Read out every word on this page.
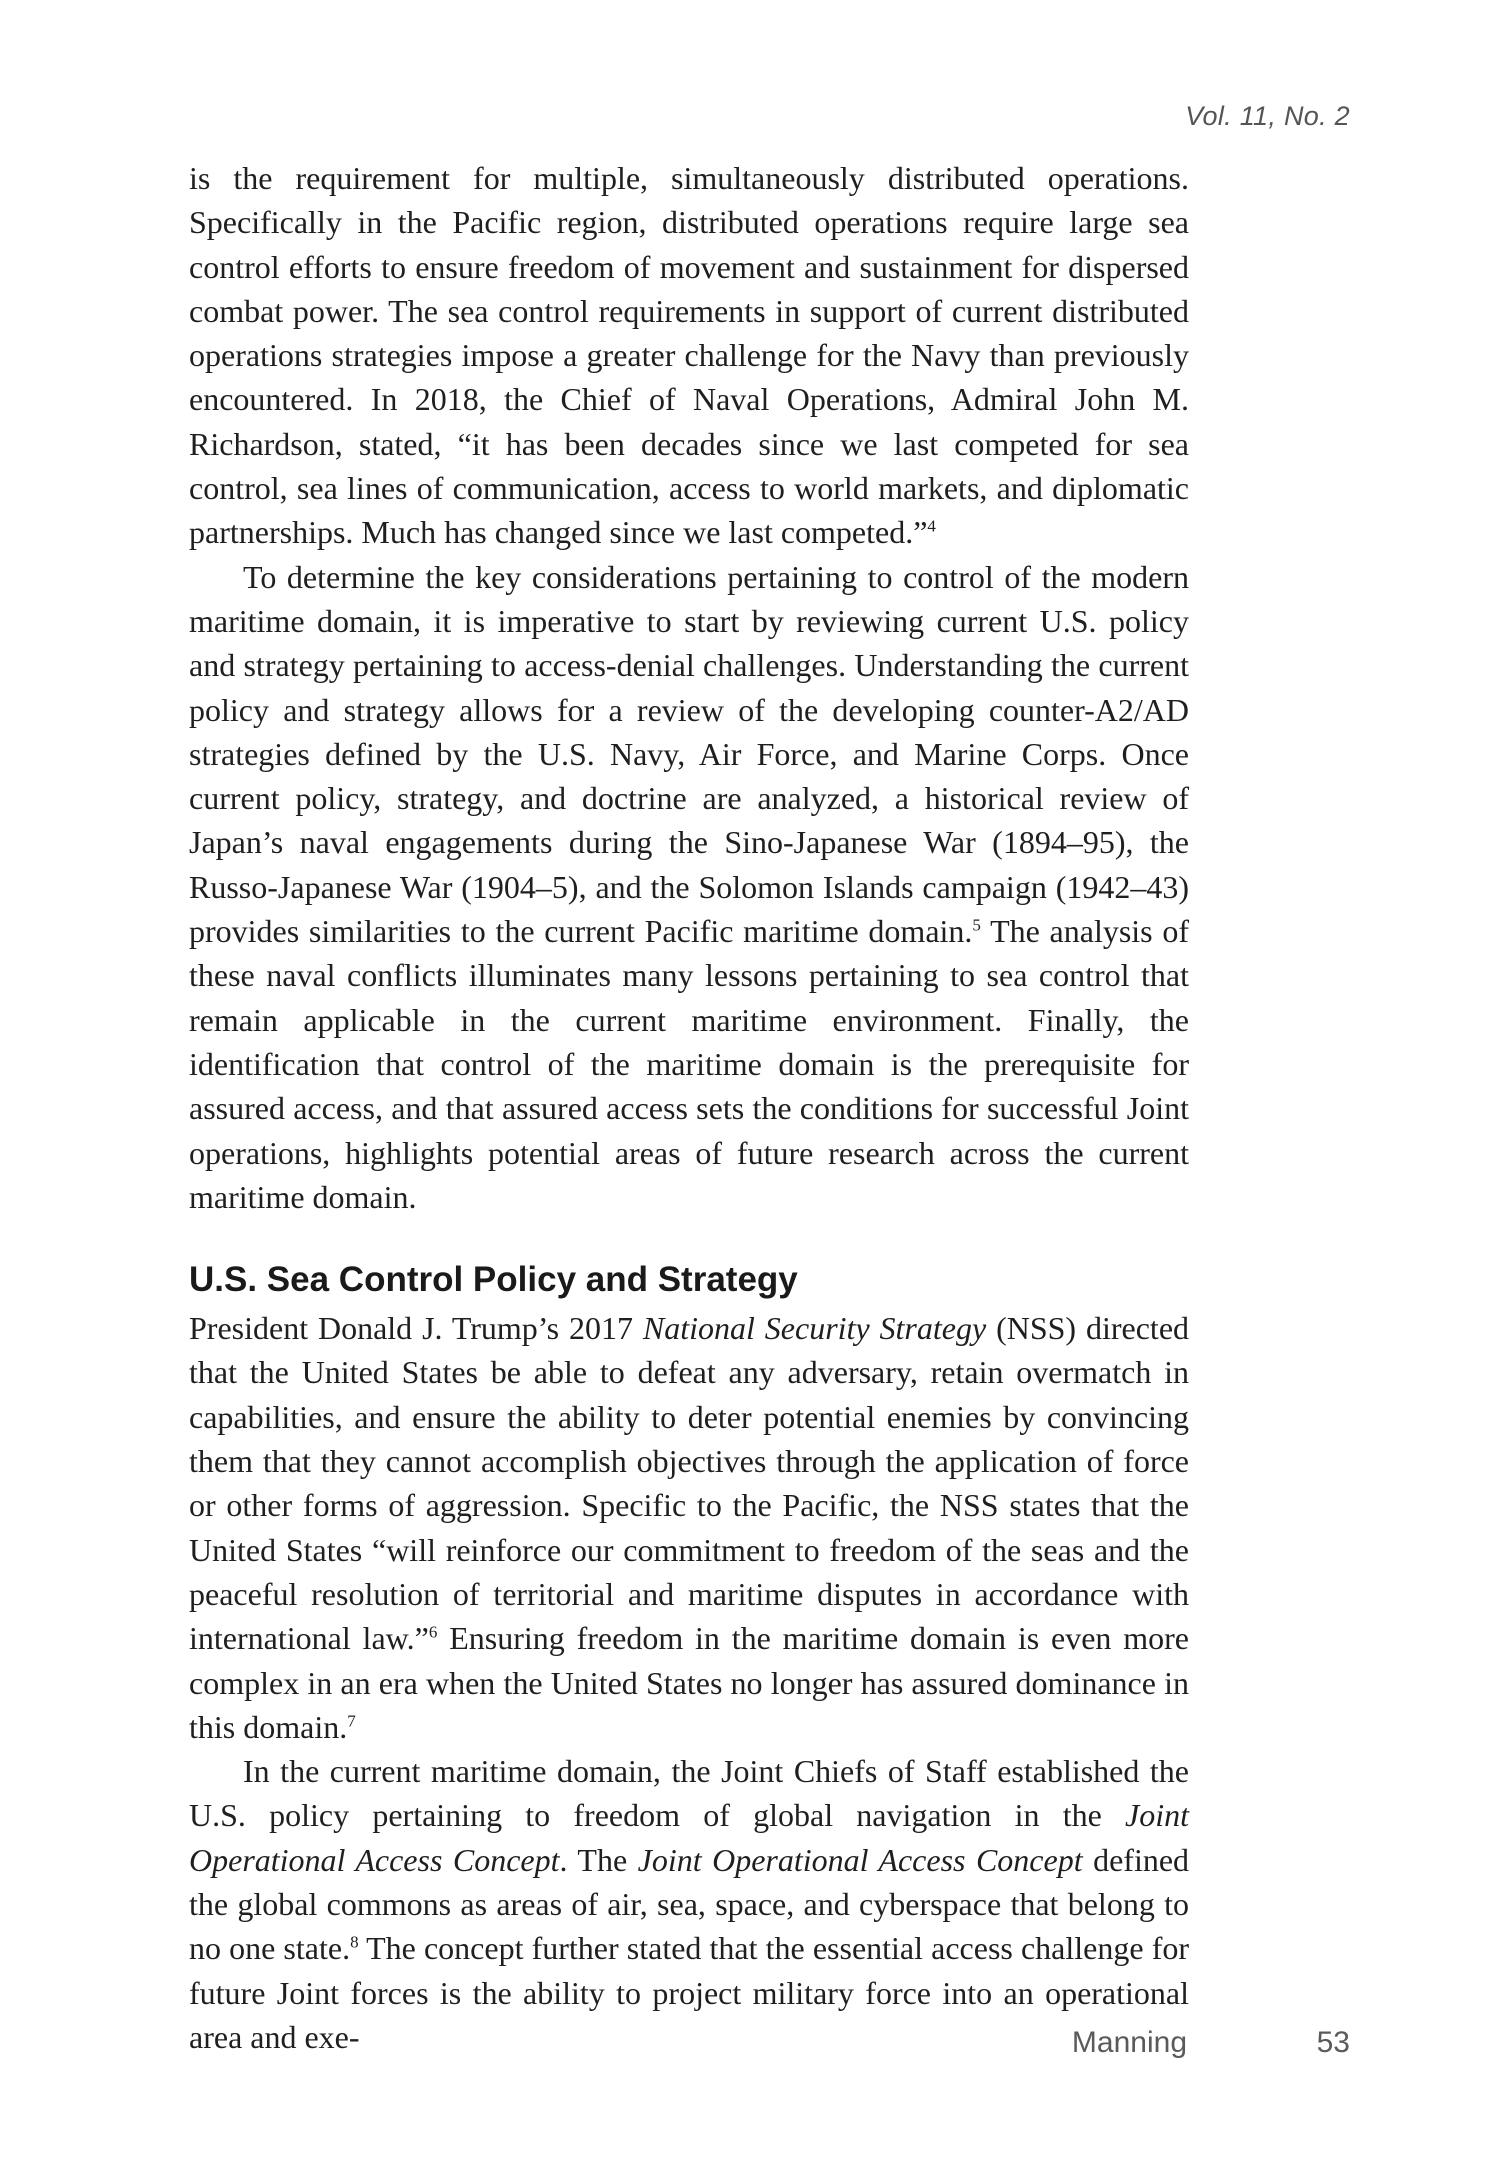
Vol. 11, No. 2

is the requirement for multiple, simultaneously distributed operations. Specifically in the Pacific region, distributed operations require large sea control efforts to ensure freedom of movement and sustainment for dispersed combat power. The sea control requirements in support of current distributed operations strategies impose a greater challenge for the Navy than previously encountered. In 2018, the Chief of Naval Operations, Admiral John M. Richardson, stated, “it has been decades since we last competed for sea control, sea lines of communication, access to world markets, and diplomatic partnerships. Much has changed since we last competed.”$^4$

To determine the key considerations pertaining to control of the modern maritime domain, it is imperative to start by reviewing current U.S. policy and strategy pertaining to access-denial challenges. Understanding the current policy and strategy allows for a review of the developing counter-A2/AD strategies defined by the U.S. Navy, Air Force, and Marine Corps. Once current policy, strategy, and doctrine are analyzed, a historical review of Japan’s naval engagements during the Sino-Japanese War (1894–95), the Russo-Japanese War (1904–5), and the Solomon Islands campaign (1942–43) provides similarities to the current Pacific maritime domain.$^5$ The analysis of these naval conflicts illuminates many lessons pertaining to sea control that remain applicable in the current maritime environment. Finally, the identification that control of the maritime domain is the prerequisite for assured access, and that assured access sets the conditions for successful Joint operations, highlights potential areas of future research across the current maritime domain.

U.S. Sea Control Policy and Strategy

President Donald J. Trump’s 2017 National Security Strategy (NSS) directed that the United States be able to defeat any adversary, retain overmatch in capabilities, and ensure the ability to deter potential enemies by convincing them that they cannot accomplish objectives through the application of force or other forms of aggression. Specific to the Pacific, the NSS states that the United States “will reinforce our commitment to freedom of the seas and the peaceful resolution of territorial and maritime disputes in accordance with international law.”$^6$ Ensuring freedom in the maritime domain is even more complex in an era when the United States no longer has assured dominance in this domain.$^7$

In the current maritime domain, the Joint Chiefs of Staff established the U.S. policy pertaining to freedom of global navigation in the Joint Operational Access Concept. The Joint Operational Access Concept defined the global commons as areas of air, sea, space, and cyberspace that belong to no one state.$^8$ The concept further stated that the essential access challenge for future Joint forces is the ability to project military force into an operational area and exe-	Manning	53
